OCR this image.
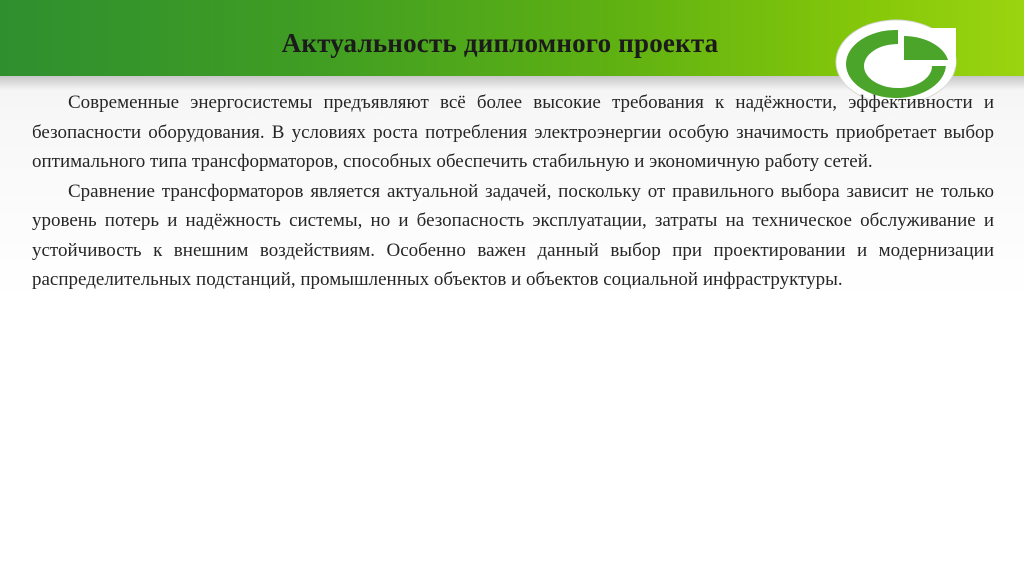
Актуальность дипломного проекта

Современные энергосистемы предъявляют всё более высокие требования к надёжности, эффективности и безопасности оборудования. В условиях роста потребления электроэнергии особую значимость приобретает выбор оптимального типа трансформаторов, способных обеспечить стабильную и экономичную работу сетей.

Сравнение трансформаторов является актуальной задачей, поскольку от правильного выбора зависит не только уровень потерь и надёжность системы, но и безопасность эксплуатации, затраты на техническое обслуживание и устойчивость к внешним воздействиям. Особенно важен данный выбор при проектировании и модернизации распределительных подстанций, промышленных объектов и объектов социальной инфраструктуры.
